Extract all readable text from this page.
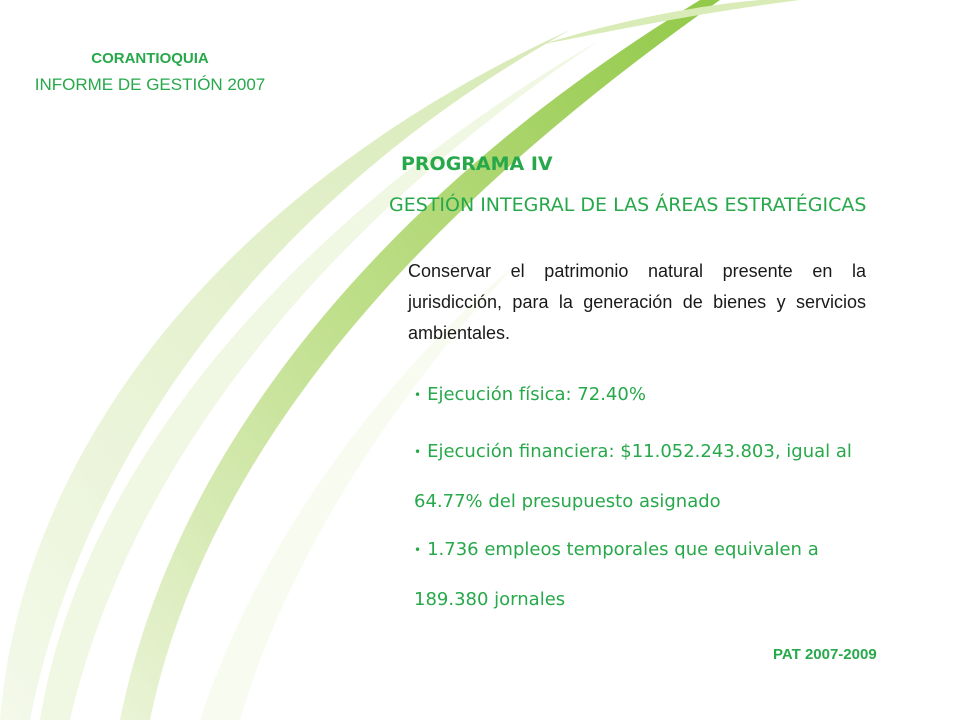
CORANTIOQUIA
INFORME DE GESTIÓN 2007
PROGRAMA IV
GESTIÓN INTEGRAL DE LAS ÁREAS ESTRATÉGICAS
Conservar el patrimonio natural presente en la jurisdicción, para la generación de bienes y servicios ambientales.
• Ejecución física: 72.40%
• Ejecución financiera: $11.052.243.803, igual al 64.77% del presupuesto asignado
• 1.736 empleos temporales que equivalen a 189.380 jornales
PAT 2007-2009
